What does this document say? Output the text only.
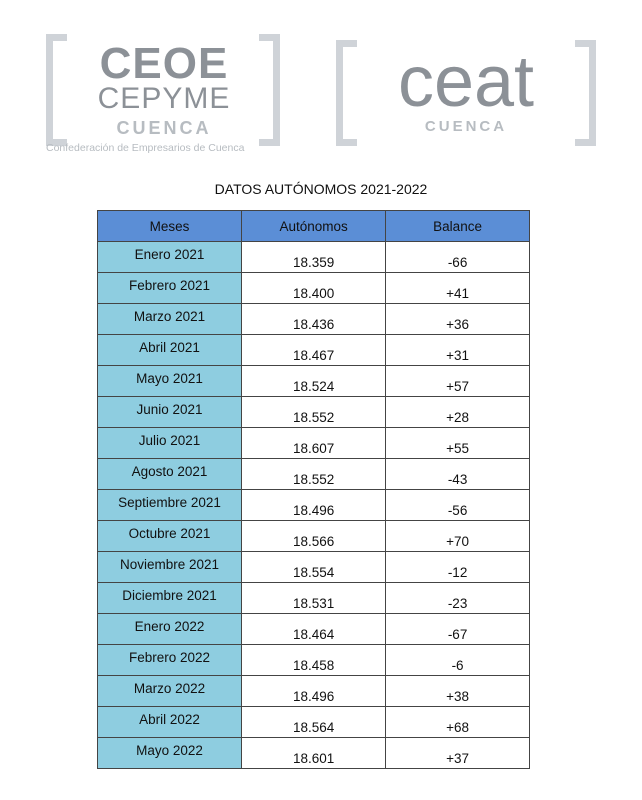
CEOE
CEPYME
CUENCA
Confederación de Empresarios de Cuenca
ceat
CUENCA
DATOS AUTÓNOMOS 2021-2022
Meses	Autónomos	Balance
Enero 2021	18.359	-66
Febrero 2021	18.400	+41
Marzo 2021	18.436	+36
Abril 2021	18.467	+31
Mayo 2021	18.524	+57
Junio 2021	18.552	+28
Julio 2021	18.607	+55
Agosto 2021	18.552	-43
Septiembre 2021	18.496	-56
Octubre 2021	18.566	+70
Noviembre 2021	18.554	-12
Diciembre 2021	18.531	-23
Enero 2022	18.464	-67
Febrero 2022	18.458	-6
Marzo 2022	18.496	+38
Abril 2022	18.564	+68
Mayo 2022	18.601	+37
